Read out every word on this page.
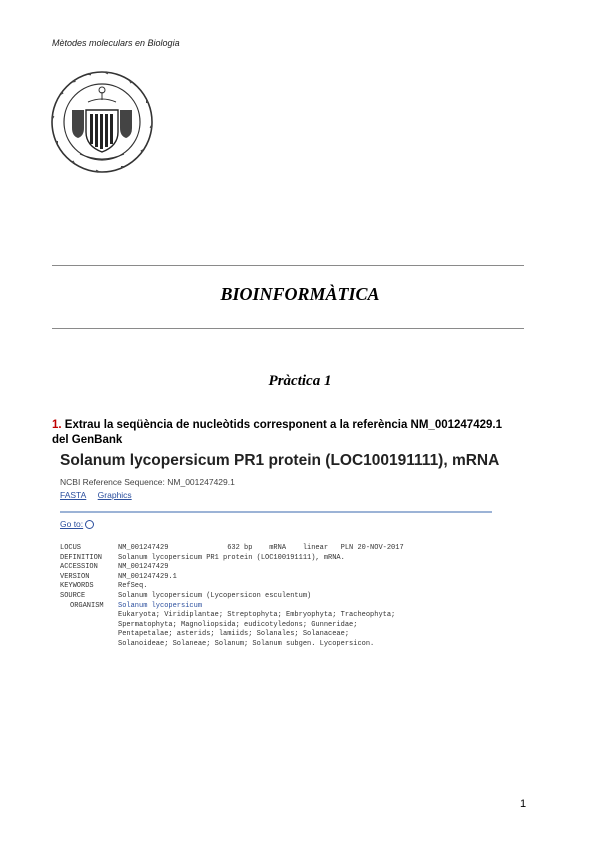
Mètodes moleculars en Biologia
BIOINFORMÀTICA
Pràctica 1
1. Extrau la seqüència de nucleòtids corresponent a la referència NM_001247429.1
del GenBank
Solanum lycopersicum PR1 protein (LOC100191111), mRNA
NCBI Reference Sequence: NM_001247429.1
FASTA Graphics
Go to:
LOCUS	NM_001247429              632 bp    mRNA    linear   PLN 20-NOV-2017
DEFINITION Solanum lycopersicum PR1 protein (LOC100191111), mRNA.
ACCESSION	NM_001247429
VERSION	NM_001247429.1
KEYWORDS	RefSeq.
SOURCE	Solanum lycopersicum (Lycopersicon esculentum)
ORGANISM Solanum lycopersicum
Eukaryota; Viridiplantae; Streptophyta; Embryophyta; Tracheophyta;
Spermatophyta; Magnoliopsida; eudicotyledons; Gunneridae;
Pentapetalae; asterids; lamiids; Solanales; Solanaceae;
Solanoideae; Solaneae; Solanum; Solanum subgen. Lycopersicon.
1
